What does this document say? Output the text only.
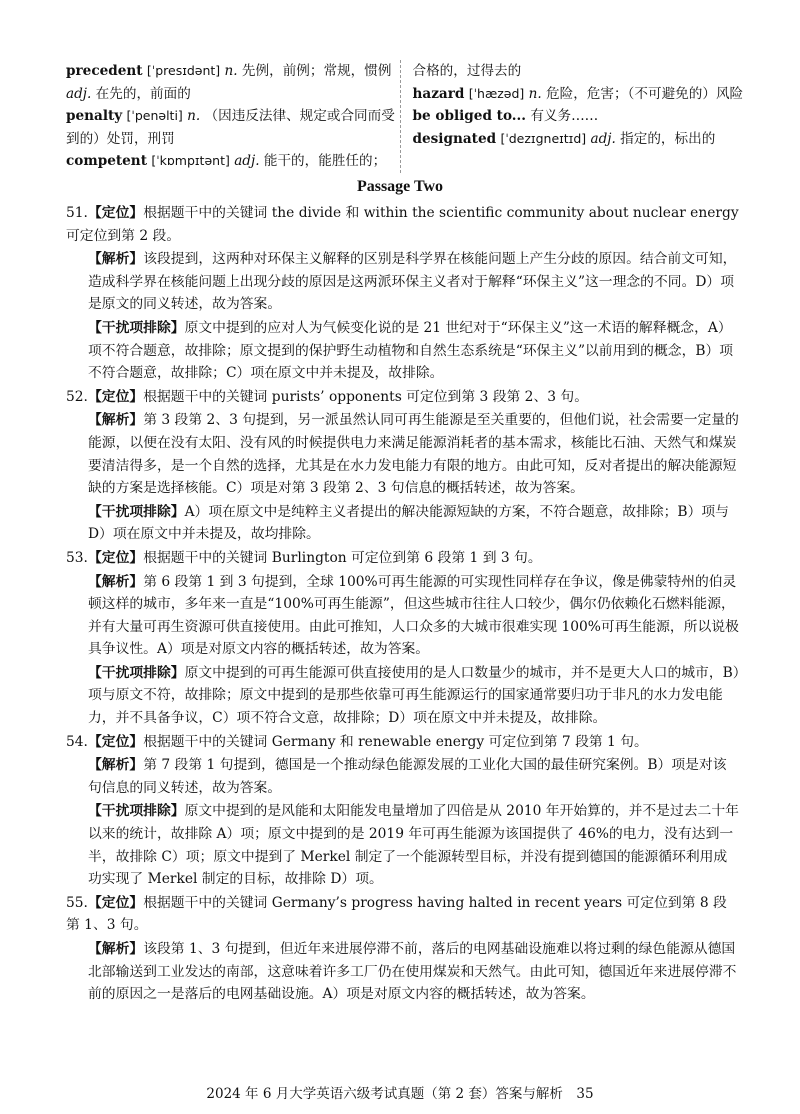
precedent [ˈpresɪdənt] n. 先例，前例；常规，惯例
adj. 在先的，前面的
penalty [ˈpenəlti] n. （因违反法律、规定或合同而受到的）处罚，刑罚
competent [ˈkɒmpɪtənt] adj. 能干的，能胜任的；
合格的，过得去的
hazard [ˈhæzəd] n. 危险，危害；（不可避免的）风险
be obliged to... 有义务……
designated [ˈdezɪgneɪtɪd] adj. 指定的，标出的
Passage Two
51.【定位】根据题干中的关键词 the divide 和 within the scientific community about nuclear energy 可定位到第 2 段。
【解析】该段提到，这两种对环保主义解释的区别是科学界在核能问题上产生分歧的原因。结合前文可知，造成科学界在核能问题上出现分歧的原因是这两派环保主义者对于解释“环保主义”这一理念的不同。D）项是原文的同义转述，故为答案。
【干扰项排除】原文中提到的应对人为气候变化说的是 21 世纪对于“环保主义”这一术语的解释概念，A）项不符合题意，故排除；原文提到的保护野生动植物和自然生态系统是“环保主义”以前用到的概念，B）项不符合题意，故排除；C）项在原文中并未提及，故排除。
52.【定位】根据题干中的关键词 purists’ opponents 可定位到第 3 段第 2、3 句。
【解析】第 3 段第 2、3 句提到，另一派虽然认同可再生能源是至关重要的，但他们说，社会需要一定量的能源，以便在没有太阳、没有风的时候提供电力来满足能源消耗者的基本需求，核能比石油、天然气和煤炭要清洁得多，是一个自然的选择，尤其是在水力发电能力有限的地方。由此可知，反对者提出的解决能源短缺的方案是选择核能。C）项是对第 3 段第 2、3 句信息的概括转述，故为答案。
【干扰项排除】A）项在原文中是纯粹主义者提出的解决能源短缺的方案，不符合题意，故排除；B）项与 D）项在原文中并未提及，故均排除。
53.【定位】根据题干中的关键词 Burlington 可定位到第 6 段第 1 到 3 句。
【解析】第 6 段第 1 到 3 句提到，全球 100%可再生能源的可实现性同样存在争议，像是佛蒙特州的伯灵顿这样的城市，多年来一直是“100%可再生能源”，但这些城市往往人口较少，偶尔仍依赖化石燃料能源，并有大量可再生资源可供直接使用。由此可推知，人口众多的大城市很难实现 100%可再生能源，所以说极具争议性。A）项是对原文内容的概括转述，故为答案。
【干扰项排除】原文中提到的可再生能源可供直接使用的是人口数量少的城市，并不是更大人口的城市，B）项与原文不符，故排除；原文中提到的是那些依靠可再生能源运行的国家通常要归功于非凡的水力发电能力，并不具备争议，C）项不符合文意，故排除；D）项在原文中并未提及，故排除。
54.【定位】根据题干中的关键词 Germany 和 renewable energy 可定位到第 7 段第 1 句。
【解析】第 7 段第 1 句提到，德国是一个推动绿色能源发展的工业化大国的最佳研究案例。B）项是对该句信息的同义转述，故为答案。
【干扰项排除】原文中提到的是风能和太阳能发电量增加了四倍是从 2010 年开始算的，并不是过去二十年以来的统计，故排除 A）项；原文中提到的是 2019 年可再生能源为该国提供了 46%的电力，没有达到一半，故排除 C）项；原文中提到了 Merkel 制定了一个能源转型目标，并没有提到德国的能源循环利用成功实现了 Merkel 制定的目标，故排除 D）项。
55.【定位】根据题干中的关键词 Germany’s progress having halted in recent years 可定位到第 8 段第 1、3 句。
【解析】该段第 1、3 句提到，但近年来进展停滞不前，落后的电网基础设施难以将过剩的绿色能源从德国北部输送到工业发达的南部，这意味着许多工厂仍在使用煤炭和天然气。由此可知，德国近年来进展停滞不前的原因之一是落后的电网基础设施。A）项是对原文内容的概括转述，故为答案。
2024 年 6 月大学英语六级考试真题（第 2 套）答案与解析　35
